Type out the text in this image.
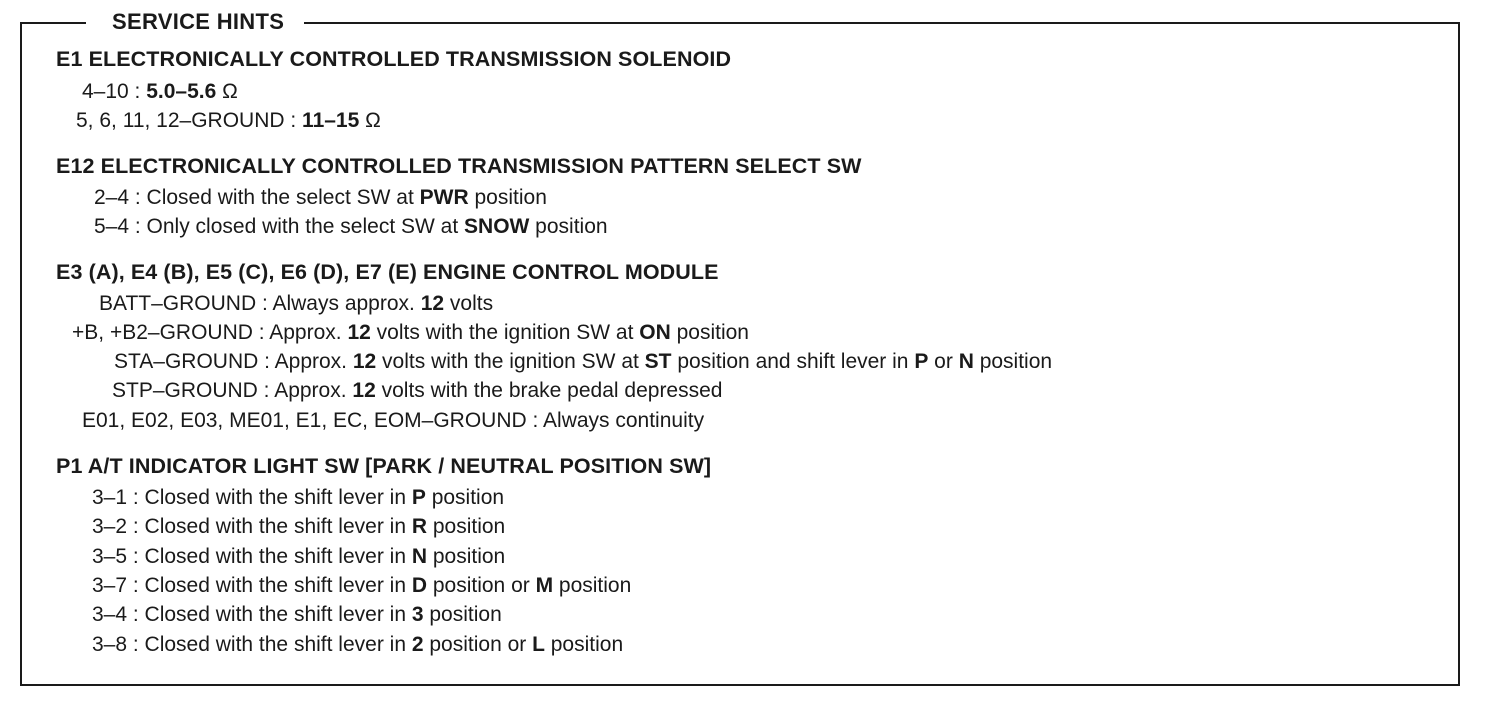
SERVICE HINTS
E1 ELECTRONICALLY CONTROLLED TRANSMISSION SOLENOID
4–10 : 5.0–5.6 Ω
5, 6, 11, 12–GROUND : 11–15 Ω
E12 ELECTRONICALLY CONTROLLED TRANSMISSION PATTERN SELECT SW
2–4 : Closed with the select SW at PWR position
5–4 : Only closed with the select SW at SNOW position
E3 (A), E4 (B), E5 (C), E6 (D), E7 (E) ENGINE CONTROL MODULE
BATT–GROUND : Always approx. 12 volts
+B, +B2–GROUND : Approx. 12 volts with the ignition SW at ON position
STA–GROUND : Approx. 12 volts with the ignition SW at ST position and shift lever in P or N position
STP–GROUND : Approx. 12 volts with the brake pedal depressed
E01, E02, E03, ME01, E1, EC, EOM–GROUND : Always continuity
P1 A/T INDICATOR LIGHT SW [PARK / NEUTRAL POSITION SW]
3–1 : Closed with the shift lever in P position
3–2 : Closed with the shift lever in R position
3–5 : Closed with the shift lever in N position
3–7 : Closed with the shift lever in D position or M position
3–4 : Closed with the shift lever in 3 position
3–8 : Closed with the shift lever in 2 position or L position
